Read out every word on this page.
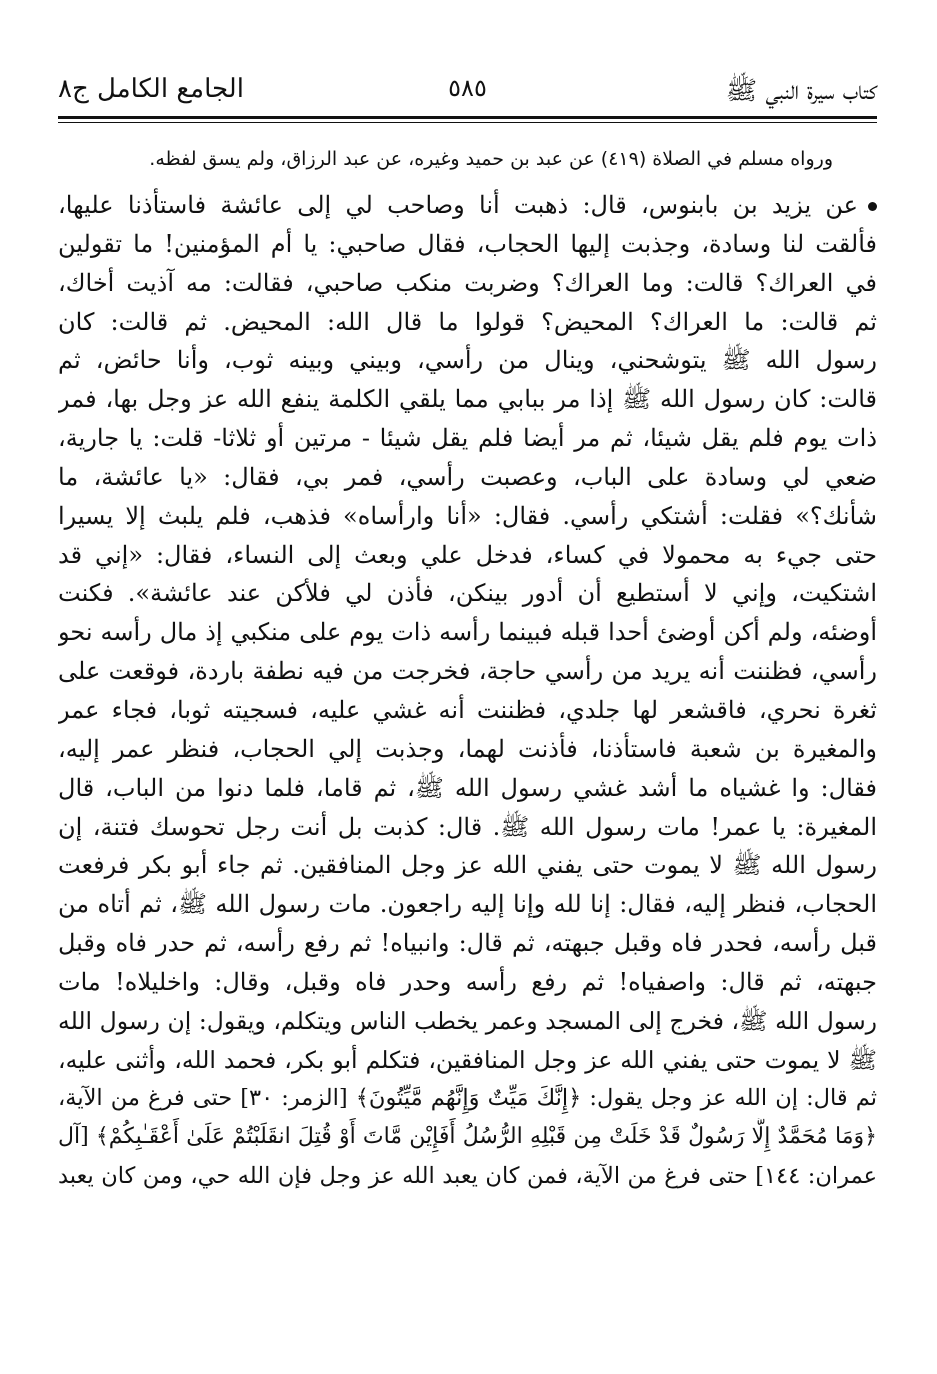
كتاب سيرة النبي ﷺ
٥٨٥
الجامع الكامل ج٨
ورواه مسلم في الصلاة (٤١٩) عن عبد بن حميد وغيره، عن عبد الرزاق، ولم يسق لفظه.
عن يزيد بن بابنوس، قال: ذهبت أنا وصاحب لي إلى عائشة فاستأذنا عليها،
فألقت لنا وسادة، وجذبت إليها الحجاب، فقال صاحبي: يا أم المؤمنين! ما تقولين
في العراك؟ قالت: وما العراك؟ وضربت منكب صاحبي، فقالت: مه آذيت أخاك،
ثم قالت: ما العراك؟ المحيض؟ قولوا ما قال الله: المحيض. ثم قالت: كان
رسول الله ﷺ يتوشحني، وينال من رأسي، وبيني وبينه ثوب، وأنا حائض، ثم
قالت: كان رسول الله ﷺ إذا مر ببابي مما يلقي الكلمة ينفع الله عز وجل بها، فمر
ذات يوم فلم يقل شيئا، ثم مر أيضا فلم يقل شيئا - مرتين أو ثلاثا- قلت: يا جارية،
ضعي لي وسادة على الباب، وعصبت رأسي، فمر بي، فقال: «يا عائشة، ما
شأنك؟» فقلت: أشتكي رأسي. فقال: «أنا وارأساه» فذهب، فلم يلبث إلا يسيرا
حتى جيء به محمولا في كساء، فدخل علي وبعث إلى النساء، فقال: «إني قد
اشتكيت، وإني لا أستطيع أن أدور بينكن، فأذن لي فلأكن عند عائشة». فكنت
أوضئه، ولم أكن أوضئ أحدا قبله فبينما رأسه ذات يوم على منكبي إذ مال رأسه نحو
رأسي، فظننت أنه يريد من رأسي حاجة، فخرجت من فيه نطفة باردة، فوقعت على
ثغرة نحري، فاقشعر لها جلدي، فظننت أنه غشي عليه، فسجيته ثوبا، فجاء عمر
والمغيرة بن شعبة فاستأذنا، فأذنت لهما، وجذبت إلي الحجاب، فنظر عمر إليه،
فقال: وا غشياه ما أشد غشي رسول الله ﷺ، ثم قاما، فلما دنوا من الباب، قال
المغيرة: يا عمر! مات رسول الله ﷺ. قال: كذبت بل أنت رجل تحوسك فتنة، إن
رسول الله ﷺ لا يموت حتى يفني الله عز وجل المنافقين. ثم جاء أبو بكر فرفعت
الحجاب، فنظر إليه، فقال: إنا لله وإنا إليه راجعون. مات رسول الله ﷺ، ثم أتاه من
قبل رأسه، فحدر فاه وقبل جبهته، ثم قال: وانبياه! ثم رفع رأسه، ثم حدر فاه وقبل
جبهته، ثم قال: واصفياه! ثم رفع رأسه وحدر فاه وقبل، وقال: واخليلاه! مات
رسول الله ﷺ، فخرج إلى المسجد وعمر يخطب الناس ويتكلم، ويقول: إن رسول الله
ﷺ لا يموت حتى يفني الله عز وجل المنافقين، فتكلم أبو بكر، فحمد الله، وأثنى عليه،
ثم قال: إن الله عز وجل يقول: ﴿إِنَّكَ مَيِّتٌ وَإِنَّهُم مَّيِّتُونَ﴾ [الزمر: ٣٠] حتى فرغ من الآية،
﴿وَمَا مُحَمَّدٌ إِلَّا رَسُولٌ قَدْ خَلَتْ مِن قَبْلِهِ الرُّسُلُ أَفَإِيْن مَّاتَ أَوْ قُتِلَ انقَلَبْتُمْ عَلَىٰ أَعْقَـٰبِكُمْ﴾ [آل
عمران: ١٤٤] حتى فرغ من الآية، فمن كان يعبد الله عز وجل فإن الله حي، ومن كان يعبد
